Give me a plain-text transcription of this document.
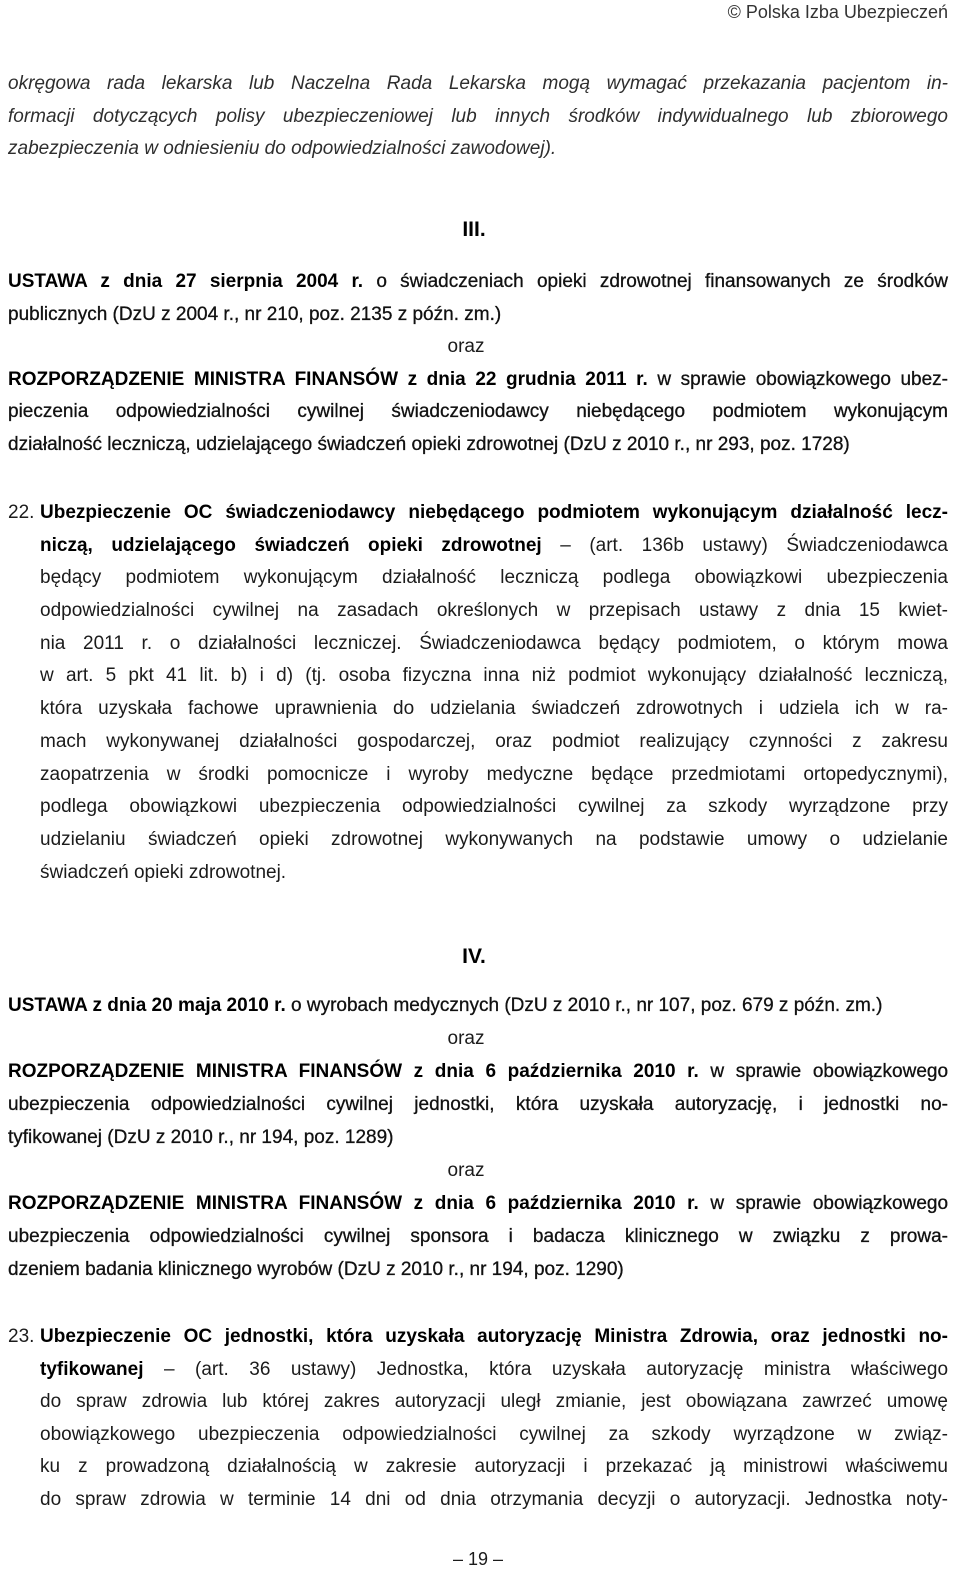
© Polska Izba Ubezpieczeń
okręgowa rada lekarska lub Naczelna Rada Lekarska mogą wymagać przekazania pacjentom in-
formacji dotyczących polisy ubezpieczeniowej lub innych środków indywidualnego lub zbiorowego
zabezpieczenia w odniesieniu do odpowiedzialności zawodowej).
III.
USTAWA z dnia 27 sierpnia 2004 r. o świadczeniach opieki zdrowotnej finansowanych ze środków
publicznych (DzU z 2004 r., nr 210, poz. 2135 z późn. zm.)
oraz
ROZPORZĄDZENIE MINISTRA FINANSÓW z dnia 22 grudnia 2011 r. w sprawie obowiązkowego ubez-
pieczenia odpowiedzialności cywilnej świadczeniodawcy niebędącego podmiotem wykonującym
działalność leczniczą, udzielającego świadczeń opieki zdrowotnej (DzU z 2010 r., nr 293, poz. 1728)
22. Ubezpieczenie OC świadczeniodawcy niebędącego podmiotem wykonującym działalność lecz-
niczą, udzielającego świadczeń opieki zdrowotnej – (art. 136b ustawy) Świadczeniodawca
będący podmiotem wykonującym działalność leczniczą podlega obowiązkowi ubezpieczenia
odpowiedzialności cywilnej na zasadach określonych w przepisach ustawy z dnia 15 kwiet-
nia 2011 r. o działalności leczniczej. Świadczeniodawca będący podmiotem, o którym mowa
w art. 5 pkt 41 lit. b) i d) (tj. osoba fizyczna inna niż podmiot wykonujący działalność leczniczą,
która uzyskała fachowe uprawnienia do udzielania świadczeń zdrowotnych i udziela ich w ra-
mach wykonywanej działalności gospodarczej, oraz podmiot realizujący czynności z zakresu
zaopatrzenia w środki pomocnicze i wyroby medyczne będące przedmiotami ortopedycznymi),
podlega obowiązkowi ubezpieczenia odpowiedzialności cywilnej za szkody wyrządzone przy
udzielaniu świadczeń opieki zdrowotnej wykonywanych na podstawie umowy o udzielanie
świadczeń opieki zdrowotnej.
IV.
USTAWA z dnia 20 maja 2010 r. o wyrobach medycznych (DzU z 2010 r., nr 107, poz. 679 z późn. zm.)
oraz
ROZPORZĄDZENIE MINISTRA FINANSÓW z dnia 6 października 2010 r. w sprawie obowiązkowego
ubezpieczenia odpowiedzialności cywilnej jednostki, która uzyskała autoryzację, i jednostki no-
tyfikowanej (DzU z 2010 r., nr 194, poz. 1289)
oraz
ROZPORZĄDZENIE MINISTRA FINANSÓW z dnia 6 października 2010 r. w sprawie obowiązkowego
ubezpieczenia odpowiedzialności cywilnej sponsora i badacza klinicznego w związku z prowa-
dzeniem badania klinicznego wyrobów (DzU z 2010 r., nr 194, poz. 1290)
23. Ubezpieczenie OC jednostki, która uzyskała autoryzację Ministra Zdrowia, oraz jednostki no-
tyfikowanej – (art. 36 ustawy) Jednostka, która uzyskała autoryzację ministra właściwego
do spraw zdrowia lub której zakres autoryzacji uległ zmianie, jest obowiązana zawrzeć umowę
obowiązkowego ubezpieczenia odpowiedzialności cywilnej za szkody wyrządzone w związ-
ku z prowadzoną działalnością w zakresie autoryzacji i przekazać ją ministrowi właściwemu
do spraw zdrowia w terminie 14 dni od dnia otrzymania decyzji o autoryzacji. Jednostka noty-
– 19 –
